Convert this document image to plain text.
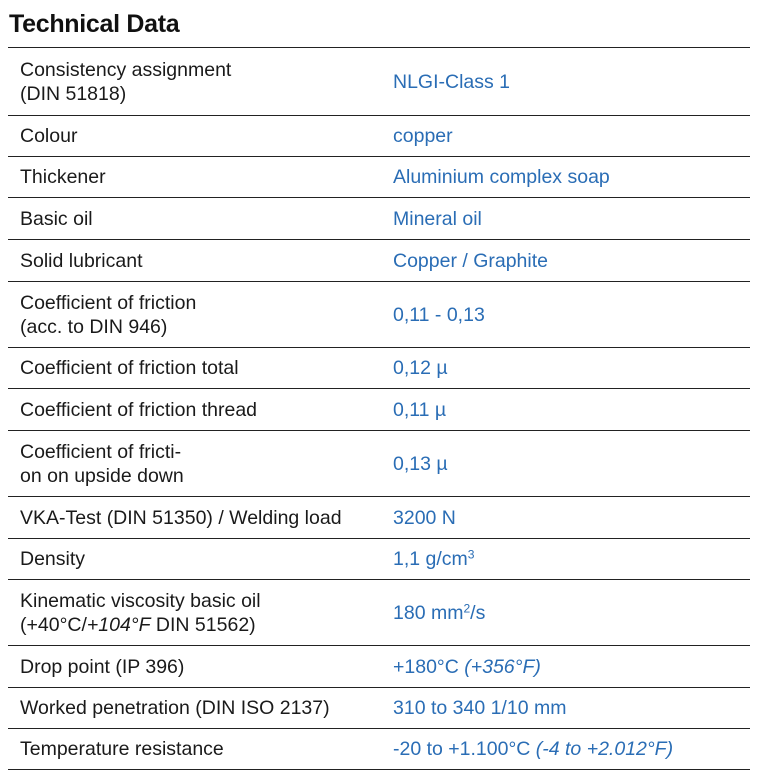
Technical Data
Consistency assignment
(DIN 51818)	NLGI-Class 1
Colour	copper
Thickener	Aluminium complex soap
Basic oil	Mineral oil
Solid lubricant	Copper / Graphite

Coefficient of friction
(acc. to DIN 946)	0,11 - 0,13
Coefficient of friction total	0,12 µ
Coefficient of friction thread	0,11 µ

Coefficient of fricti-
on on upside down	0,13 µ
VKA-Test (DIN 51350) / Welding load	3200 N
Density	1,1 $g/cm^3$

Kinematic viscosity basic oil
(+40°C/+104°F DIN 51562)	180 $mm^2/s$
Drop point (IP 396)	+180°C (+356°F)
Worked penetration (DIN ISO 2137)	310 to 340 1/10 mm
Temperature resistance	-20 to +1.100°C (-4 to +2.012°F)
